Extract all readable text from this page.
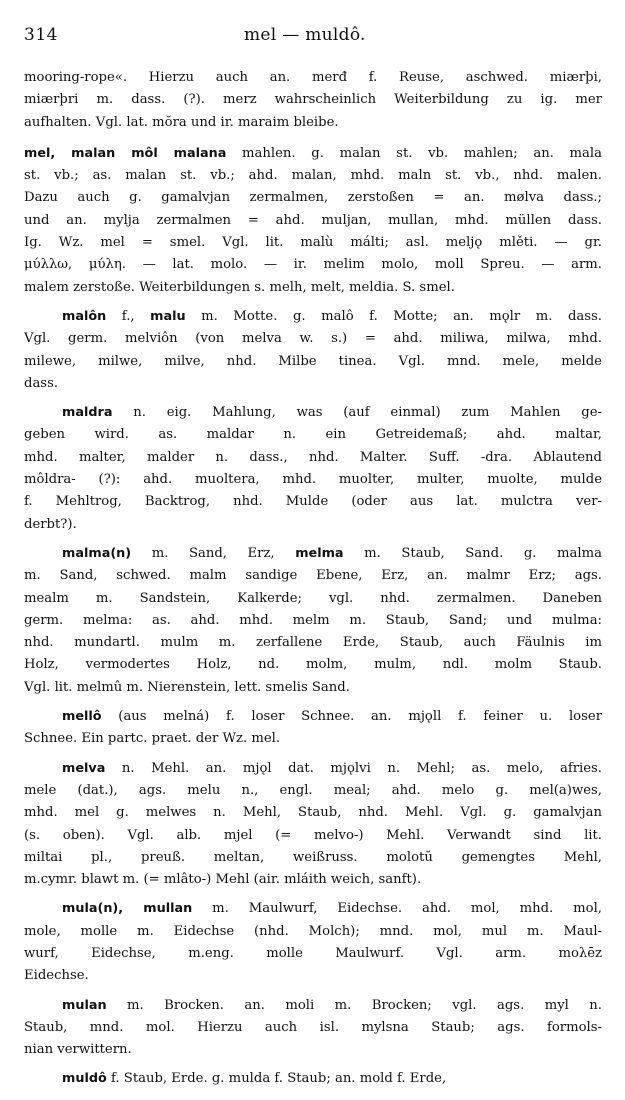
314	mel — muldô.
mooring-rope«. Hierzu auch an. merđ f. Reuse, aschwed. miærþi,
miærþri m. dass. (?). merz wahrscheinlich Weiterbildung zu ig. mer
aufhalten. Vgl. lat. mŏra und ir. maraim bleibe.
mel, malan môl malana mahlen. g. malan st. vb. mahlen; an. mala
st. vb.; as. malan st. vb.; ahd. malan, mhd. maln st. vb., nhd. malen.
Dazu auch g. gamalvjan zermalmen, zerstoßen = an. mølva dass.;
und an. mylja zermalmen = ahd. muljan, mullan, mhd. müllen dass.
Ig. Wz. mel = smel. Vgl. lit. malù málti; asl. meljǫ mlěti. — gr.
μύλλω, μύλη. — lat. molo. — ir. melim molo, moll Spreu. — arm.
malem zerstoße. Weiterbildungen s. melh, melt, meldia. S. smel.
malôn f., malu m. Motte. g. malô f. Motte; an. mǫlr m. dass.
Vgl. germ. melviôn (von melva w. s.) = ahd. miliwa, milwa, mhd.
milewe, milwe, milve, nhd. Milbe tinea. Vgl. mnd. mele, melde
dass.
maldra n. eig. Mahlung, was (auf einmal) zum Mahlen ge-
geben wird. as. maldar n. ein Getreidemaß; ahd. maltar,
mhd. malter, malder n. dass., nhd. Malter. Suff. -dra. Ablautend
môldra- (?): ahd. muoltera, mhd. muolter, multer, muolte, mulde
f. Mehltrog, Backtrog, nhd. Mulde (oder aus lat. mulctra ver-
derbt?).
malma(n) m. Sand, Erz, melma m. Staub, Sand. g. malma
m. Sand, schwed. malm sandige Ebene, Erz, an. malmr Erz; ags.
mealm m. Sandstein, Kalkerde; vgl. nhd. zermalmen. Daneben
germ. melma: as. ahd. mhd. melm m. Staub, Sand; und mulma:
nhd. mundartl. mulm m. zerfallene Erde, Staub, auch Fäulnis im
Holz, vermodertes Holz, nd. molm, mulm, ndl. molm Staub.
Vgl. lit. melmû m. Nierenstein, lett. smelis Sand.
mellô (aus melná) f. loser Schnee. an. mjǫll f. feiner u. loser
Schnee. Ein partc. praet. der Wz. mel.
melva n. Mehl. an. mjǫl dat. mjǫlvi n. Mehl; as. melo, afries.
mele (dat.), ags. melu n., engl. meal; ahd. melo g. mel(a)wes,
mhd. mel g. melwes n. Mehl, Staub, nhd. Mehl. Vgl. g. gamalvjan
(s. oben). Vgl. alb. mjel (= melvo-) Mehl. Verwandt sind lit.
miltai pl., preuß. meltan, weißruss. molotŭ gemengtes Mehl,
m.cymr. blawt m. (= mlâto-) Mehl (air. mláith weich, sanft).
mula(n), mullan m. Maulwurf, Eidechse. ahd. mol, mhd. mol,
mole, molle m. Eidechse (nhd. Molch); mnd. mol, mul m. Maul-
wurf, Eidechse, m.eng. molle Maulwurf. Vgl. arm. moλēz
Eidechse.
mulan m. Brocken. an. moli m. Brocken; vgl. ags. myl n.
Staub, mnd. mol. Hierzu auch isl. mylsna Staub; ags. formols-
nian verwittern.
muldô f. Staub, Erde. g. mulda f. Staub; an. mold f. Erde,
